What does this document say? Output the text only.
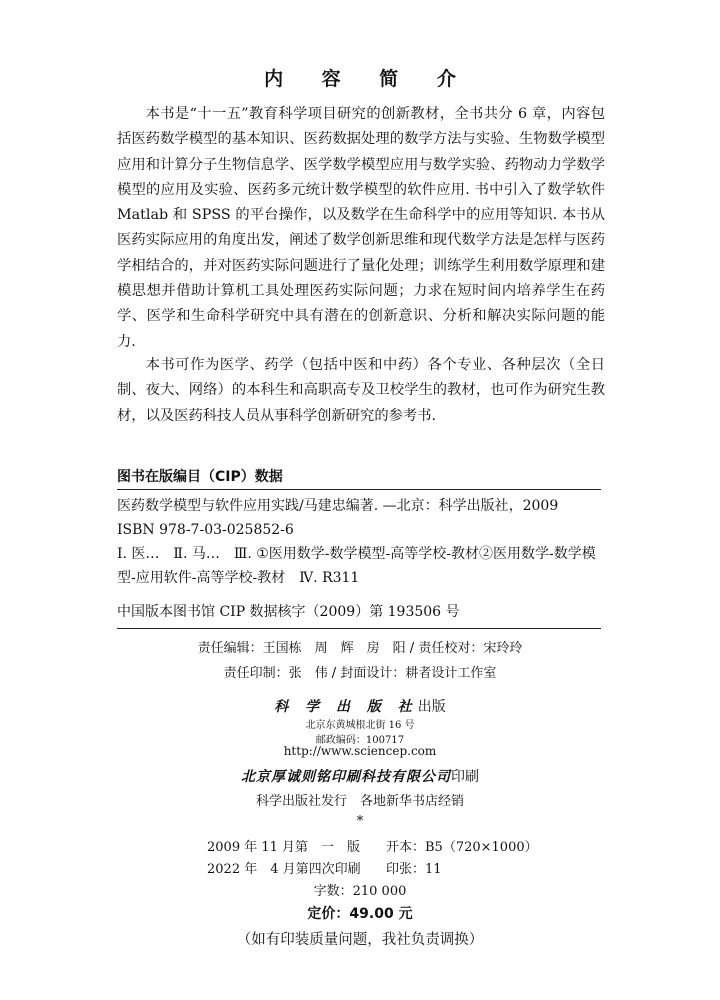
内 容 简 介

本书是“十一五”教育科学项目研究的创新教材，全书共分 6 章，内容包括医药数学模型的基本知识、医药数据处理的数学方法与实验、生物数学模型应用和计算分子生物信息学、医学数学模型应用与数学实验、药物动力学数学模型的应用及实验、医药多元统计数学模型的软件应用. 书中引入了数学软件 Matlab 和 SPSS 的平台操作，以及数学在生命科学中的应用等知识. 本书从医药实际应用的角度出发，阐述了数学创新思维和现代数学方法是怎样与医药学相结合的，并对医药实际问题进行了量化处理；训练学生利用数学原理和建模思想并借助计算机工具处理医药实际问题；力求在短时间内培养学生在药学、医学和生命科学研究中具有潜在的创新意识、分析和解决实际问题的能力.

本书可作为医学、药学（包括中医和中药）各个专业、各种层次（全日制、夜大、网络）的本科生和高职高专及卫校学生的教材，也可作为研究生教材，以及医药科技人员从事科学创新研究的参考书.

图书在版编目（CIP）数据
医药数学模型与软件应用实践/马建忠编著. —北京：科学出版社，2009
ISBN 978-7-03-025852-6
Ⅰ. 医…　Ⅱ. 马…　Ⅲ. ①医用数学-数学模型-高等学校-教材②医用数学-数学模型-应用软件-高等学校-教材　Ⅳ. R311
中国版本图书馆 CIP 数据核字（2009）第 193506 号
责任编辑：王国栋　周　辉　房　阳 / 责任校对：宋玲玲
责任印制：张　伟 / 封面设计：耕者设计工作室
科 学 出 版 社出版
北京东黄城根北街 16 号
邮政编码：100717
http://www.sciencep.com
北京厚诚则铭印刷科技有限公司印刷
科学出版社发行　各地新华书店经销
*
2009 年 11 月第　一　版 开本：B5（720×1000）
2022 年　4 月第四次印刷 印张：11
字数：210 000
定价：49.00 元
（如有印装质量问题，我社负责调换）
